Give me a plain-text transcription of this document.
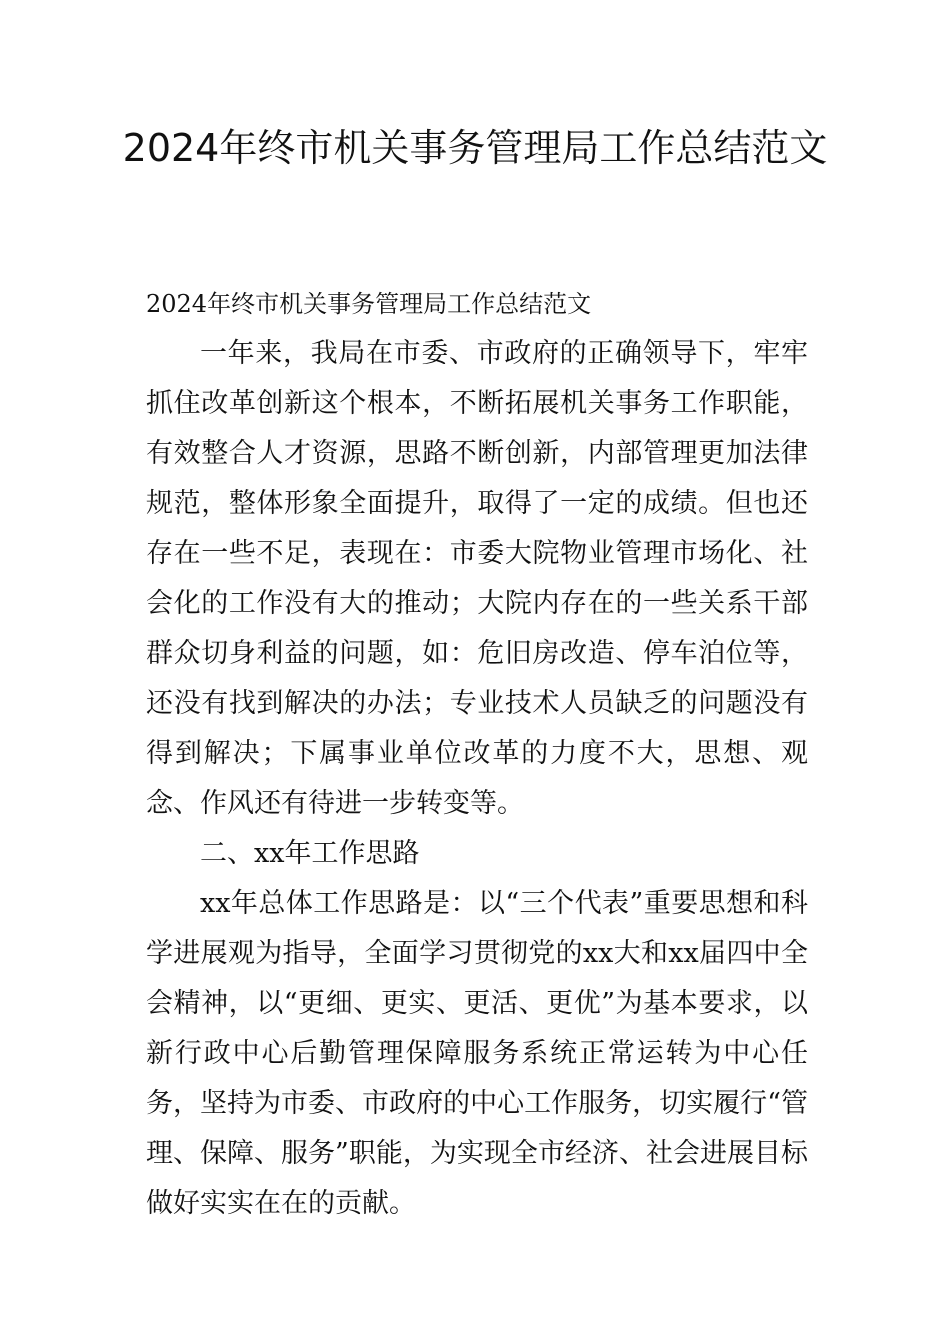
2024年终市机关事务管理局工作总结范文

2024年终市机关事务管理局工作总结范文

一年来，我局在市委、市政府的正确领导下，牢牢抓住改革创新这个根本，不断拓展机关事务工作职能，有效整合人才资源，思路不断创新，内部管理更加法律规范，整体形象全面提升，取得了一定的成绩。但也还存在一些不足，表现在：市委大院物业管理市场化、社会化的工作没有大的推动；大院内存在的一些关系干部群众切身利益的问题，如：危旧房改造、停车泊位等，还没有找到解决的办法；专业技术人员缺乏的问题没有得到解决；下属事业单位改革的力度不大，思想、观念、作风还有待进一步转变等。

二、xx年工作思路

xx年总体工作思路是：以“三个代表”重要思想和科学进展观为指导，全面学习贯彻党的xx大和xx届四中全会精神，以“更细、更实、更活、更优”为基本要求，以新行政中心后勤管理保障服务系统正常运转为中心任务，坚持为市委、市政府的中心工作服务，切实履行“管理、保障、服务”职能，为实现全市经济、社会进展目标做好实实在在的贡献。
